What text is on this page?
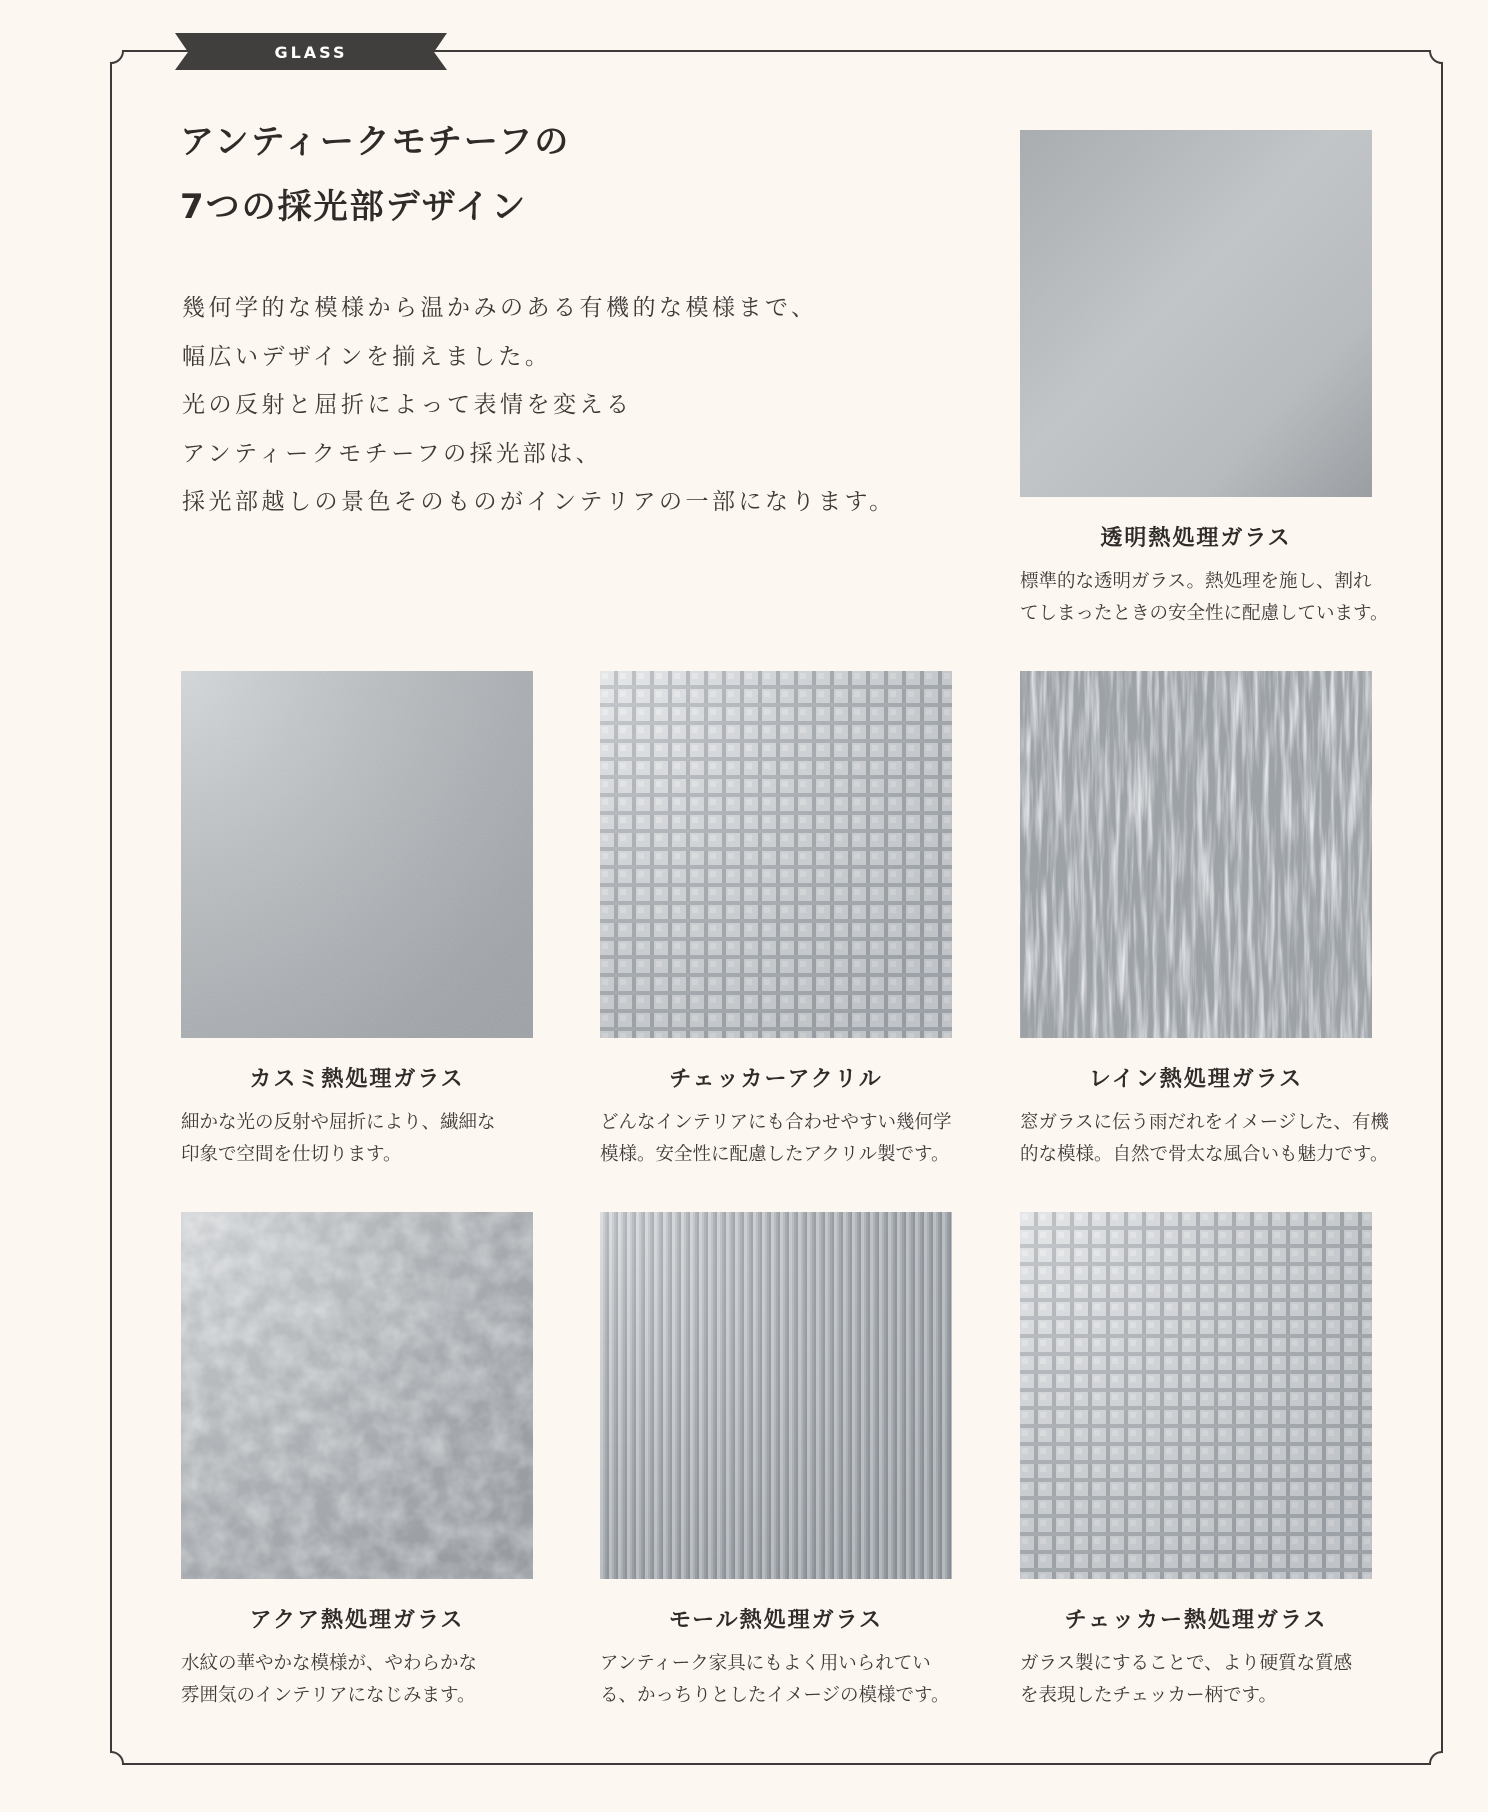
GLASS
アンティークモチーフの
7つの採光部デザイン

幾何学的な模様から温かみのある有機的な模様まで、
幅広いデザインを揃えました。
光の反射と屈折によって表情を変える
アンティークモチーフの採光部は、
採光部越しの景色そのものがインテリアの一部になります。

透明熱処理ガラス

標準的な透明ガラス。熱処理を施し、割れ
てしまったときの安全性に配慮しています。

カスミ熱処理ガラス

細かな光の反射や屈折により、繊細な
印象で空間を仕切ります。

チェッカーアクリル

どんなインテリアにも合わせやすい幾何学
模様。安全性に配慮したアクリル製です。

レイン熱処理ガラス

窓ガラスに伝う雨だれをイメージした、有機
的な模様。自然で骨太な風合いも魅力です。

アクア熱処理ガラス

水紋の華やかな模様が、やわらかな
雰囲気のインテリアになじみます。

モール熱処理ガラス

アンティーク家具にもよく用いられてい
る、かっちりとしたイメージの模様です。

チェッカー熱処理ガラス

ガラス製にすることで、より硬質な質感
を表現したチェッカー柄です。
